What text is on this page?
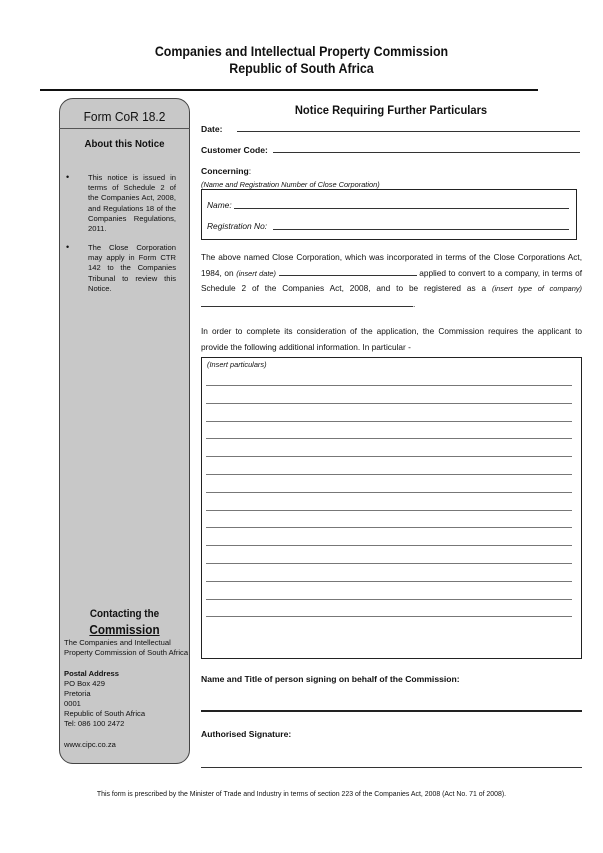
Companies and Intellectual Property Commission
Republic of South Africa
Form CoR 18.2
About this Notice
• This notice is issued in terms of Schedule 2 of the Companies Act, 2008, and Regulations 18 of the Companies Regulations, 2011.
• The Close Corporation may apply in Form CTR 142 to the Companies Tribunal to review this Notice.
Contacting the
Commission
The Companies and Intellectual
Property Commission of South Africa
Postal Address
PO Box 429
Pretoria
0001
Republic of South Africa
Tel: 086 100 2472
www.cipc.co.za
Notice Requiring Further Particulars
Date:
Customer Code:
Concerning:
(Name and Registration Number of Close Corporation)
Name:
Registration No:
The above named Close Corporation, which was incorporated in terms of the Close Corporations Act, 1984, on (insert date)	applied to convert to a company, in terms of Schedule 2 of the Companies Act, 2008, and to be registered as a (insert type of company) .
In order to complete its consideration of the application, the Commission requires the applicant to provide the following additional information. In particular -
(Insert particulars)
Name and Title of person signing on behalf of the Commission:
Authorised Signature:
This form is prescribed by the Minister of Trade and Industry in terms of section 223 of the Companies Act, 2008 (Act No. 71 of 2008).
